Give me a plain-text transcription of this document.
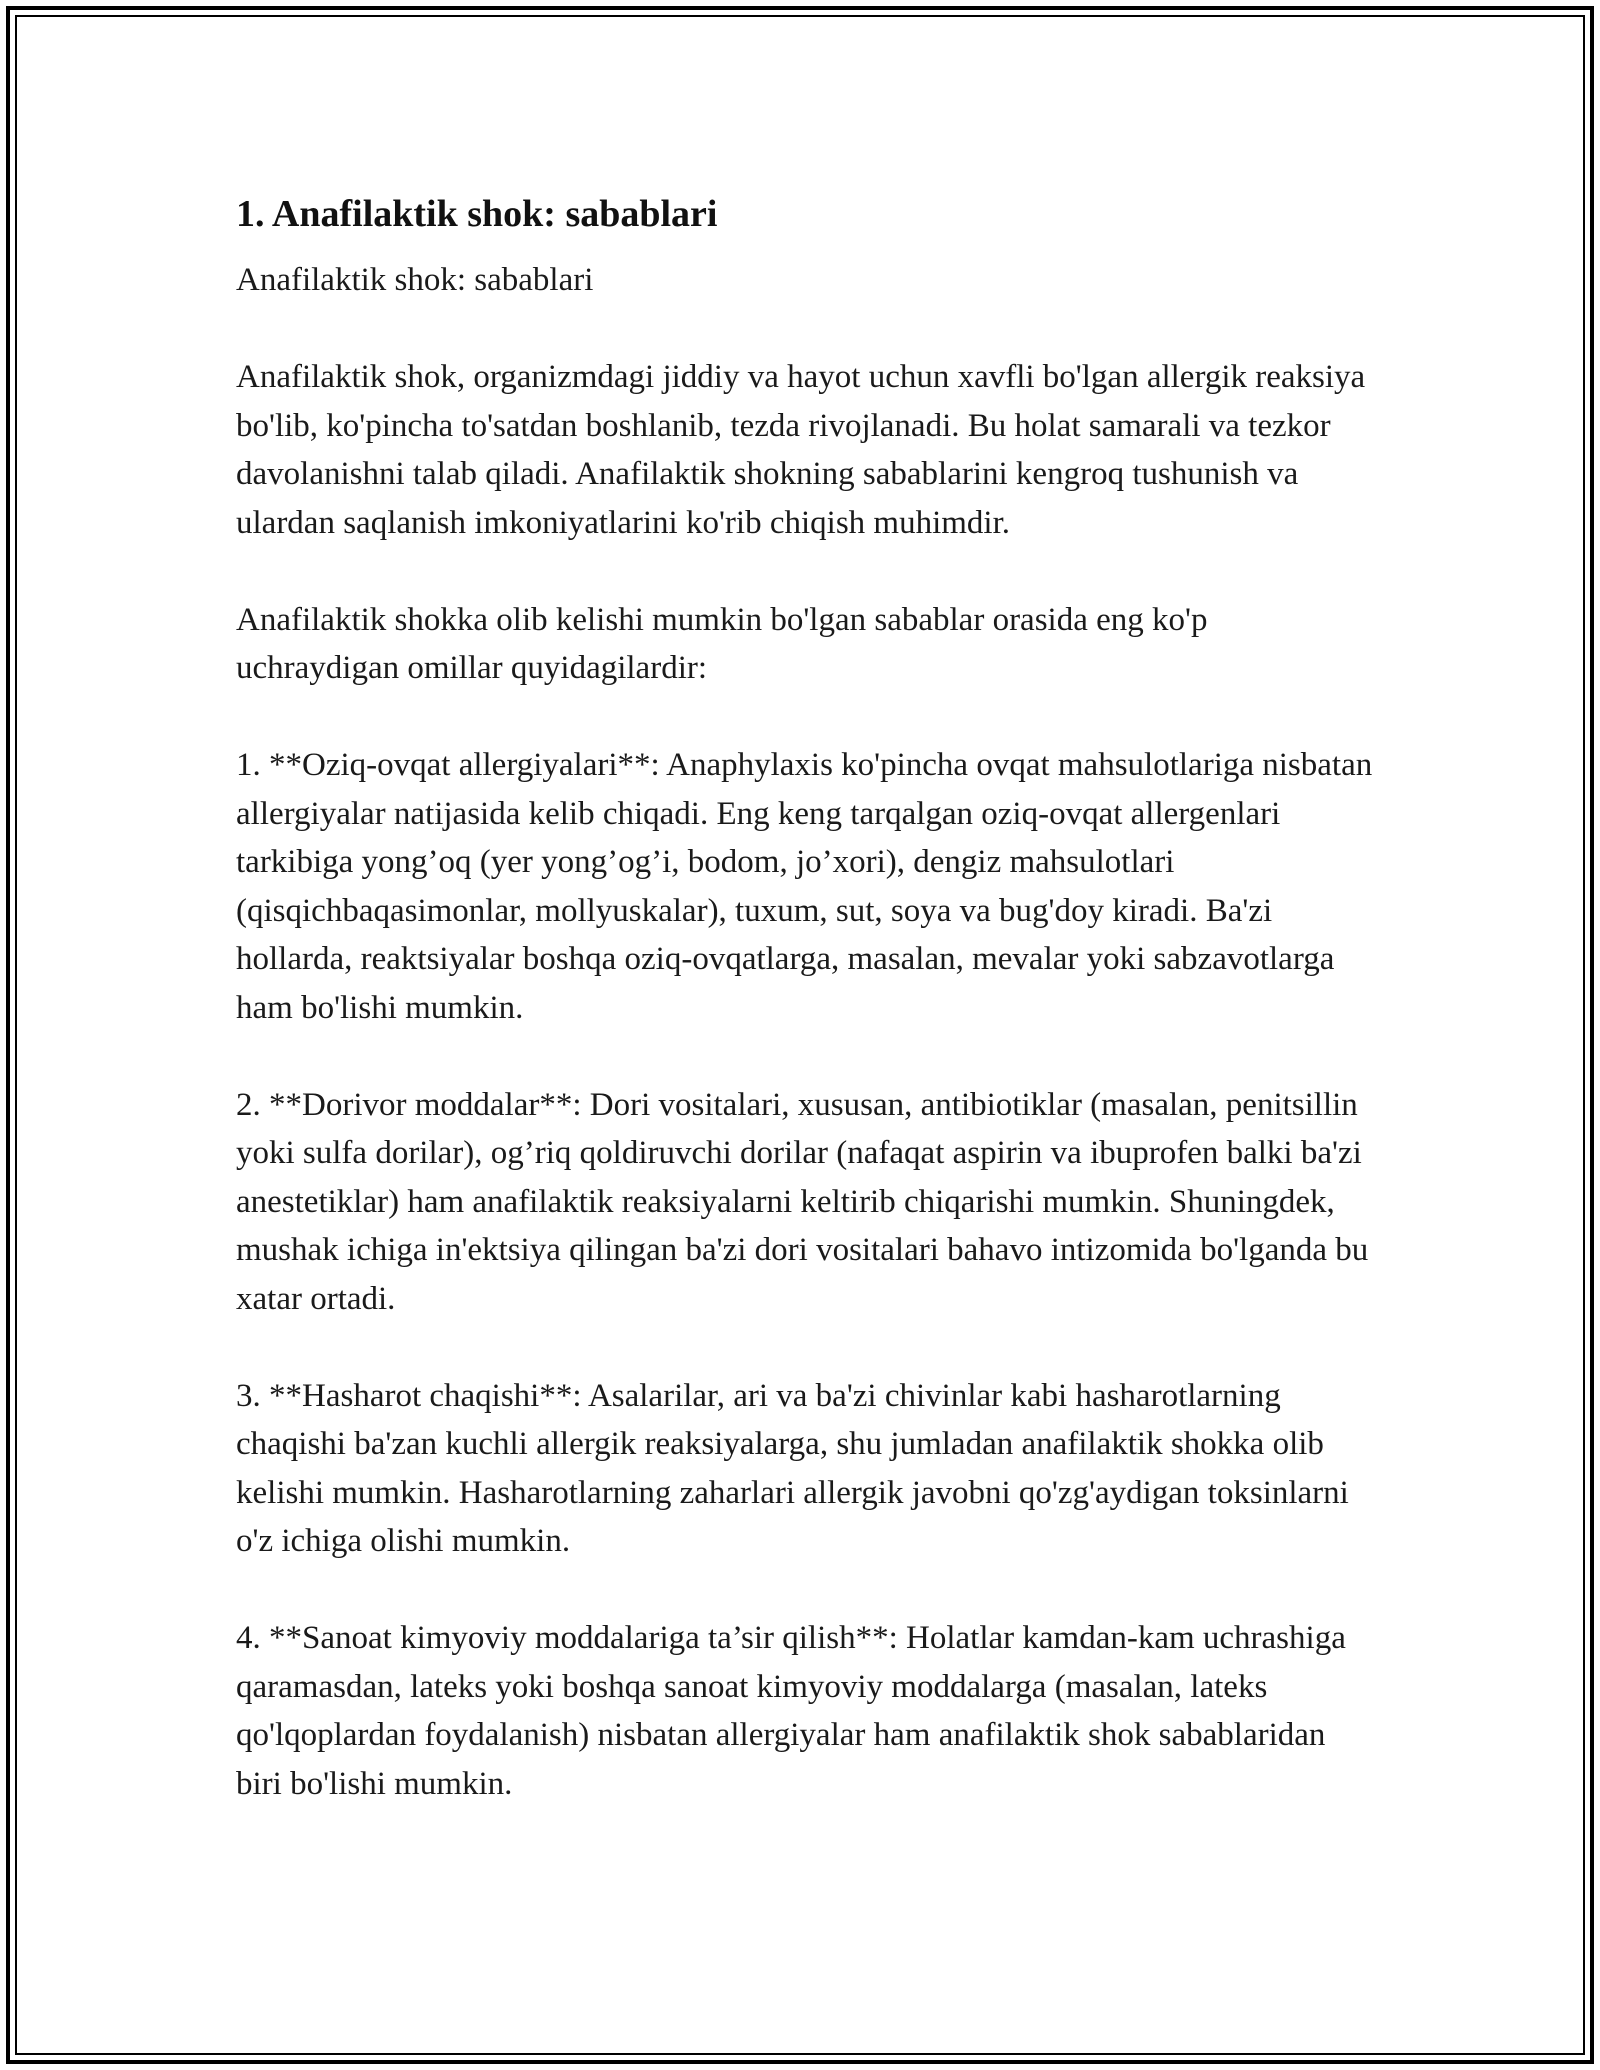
1. Anafilaktik shok: sabablari

Anafilaktik shok: sabablari

Anafilaktik shok, organizmdagi jiddiy va hayot uchun xavfli bo'lgan allergik reaksiya bo'lib, ko'pincha to'satdan boshlanib, tezda rivojlanadi. Bu holat samarali va tezkor davolanishni talab qiladi. Anafilaktik shokning sabablarini kengroq tushunish va ulardan saqlanish imkoniyatlarini ko'rib chiqish muhimdir.

Anafilaktik shokka olib kelishi mumkin bo'lgan sabablar orasida eng ko'p uchraydigan omillar quyidagilardir:

1. **Oziq-ovqat allergiyalari**: Anaphylaxis ko'pincha ovqat mahsulotlariga nisbatan allergiyalar natijasida kelib chiqadi. Eng keng tarqalgan oziq-ovqat allergenlari tarkibiga yong’oq (yer yong’og’i, bodom, jo’xori), dengiz mahsulotlari (qisqichbaqasimonlar, mollyuskalar), tuxum, sut, soya va bug'doy kiradi. Ba'zi hollarda, reaktsiyalar boshqa oziq-ovqatlarga, masalan, mevalar yoki sabzavotlarga ham bo'lishi mumkin.

2. **Dorivor moddalar**: Dori vositalari, xususan, antibiotiklar (masalan, penitsillin yoki sulfa dorilar), og’riq qoldiruvchi dorilar (nafaqat aspirin va ibuprofen balki ba'zi anestetiklar) ham anafilaktik reaksiyalarni keltirib chiqarishi mumkin. Shuningdek, mushak ichiga in'ektsiya qilingan ba'zi dori vositalari bahavo intizomida bo'lganda bu xatar ortadi.

3. **Hasharot chaqishi**: Asalarilar, ari va ba'zi chivinlar kabi hasharotlarning chaqishi ba'zan kuchli allergik reaksiyalarga, shu jumladan anafilaktik shokka olib kelishi mumkin. Hasharotlarning zaharlari allergik javobni qo'zg'aydigan toksinlarni o'z ichiga olishi mumkin.

4. **Sanoat kimyoviy moddalariga ta’sir qilish**: Holatlar kamdan-kam uchrashiga qaramasdan, lateks yoki boshqa sanoat kimyoviy moddalarga (masalan, lateks qo'lqoplardan foydalanish) nisbatan allergiyalar ham anafilaktik shok sabablaridan biri bo'lishi mumkin.
